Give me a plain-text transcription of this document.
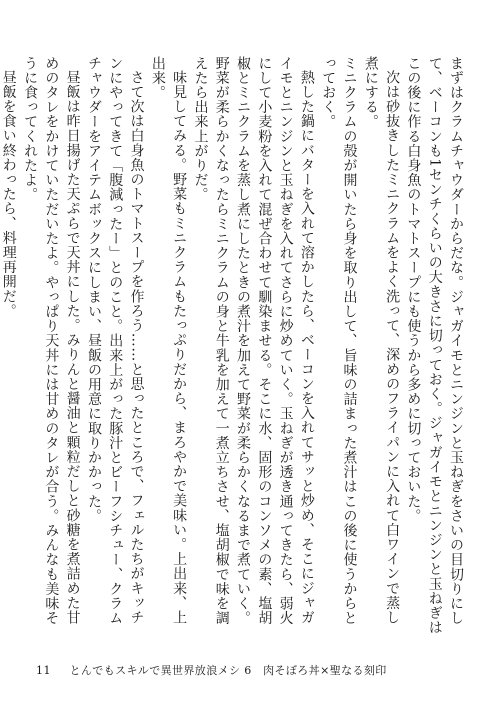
まずはクラムチャウダーからだな。ジャガイモとニンジンと玉ねぎをさいの目切りにして、ベーコンも1センチくらいの大きさに切っておく。ジャガイモとニンジンと玉ねぎはこの後に作る白身魚のトマトスープにも使うから多めに切っておいた。

次は砂抜きしたミニクラムをよく洗って、深めのフライパンに入れて白ワインで蒸し煮にする。

ミニクラムの殻が開いたら身を取り出して、旨味の詰まった煮汁はこの後に使うからとっておく。

熱した鍋にバターを入れて溶かしたら、ベーコンを入れてサッと炒め、そこにジャガイモとニンジンと玉ねぎを入れてさらに炒めていく。玉ねぎが透き通ってきたら、弱火にして小麦粉を入れて混ぜ合わせて馴染ませる。そこに水、固形のコンソメの素、塩胡椒とミニクラムを蒸し煮にしたときの煮汁を加えて野菜が柔らかくなるまで煮ていく。野菜が柔らかくなったらミニクラムの身と牛乳を加えて一煮立ちさせ、塩胡椒で味を調えたら出来上がりだ。

味見してみる。野菜もミニクラムもたっぷりだから、まろやかで美味い。上出来、上出来。

さて次は白身魚のトマトスープを作ろう……と思ったところで、フェルたちがキッチンにやってきて「腹減ったー」とのこと。出来上がった豚汁とビーフシチュー、クラムチャウダーをアイテムボックスにしまい、昼飯の用意に取りかかった。

昼飯は昨日揚げた天ぷらで天丼にした。みりんと醤油と顆粒だしと砂糖を煮詰めた甘めのタレをかけていただいたよ。やっぱり天丼には甘めのタレが合う。みんなも美味そうに食ってくれたよ。

昼飯を食い終わったら、料理再開だ。

11 とんでもスキルで異世界放浪メシ 6　肉そぼろ丼×聖なる刻印
